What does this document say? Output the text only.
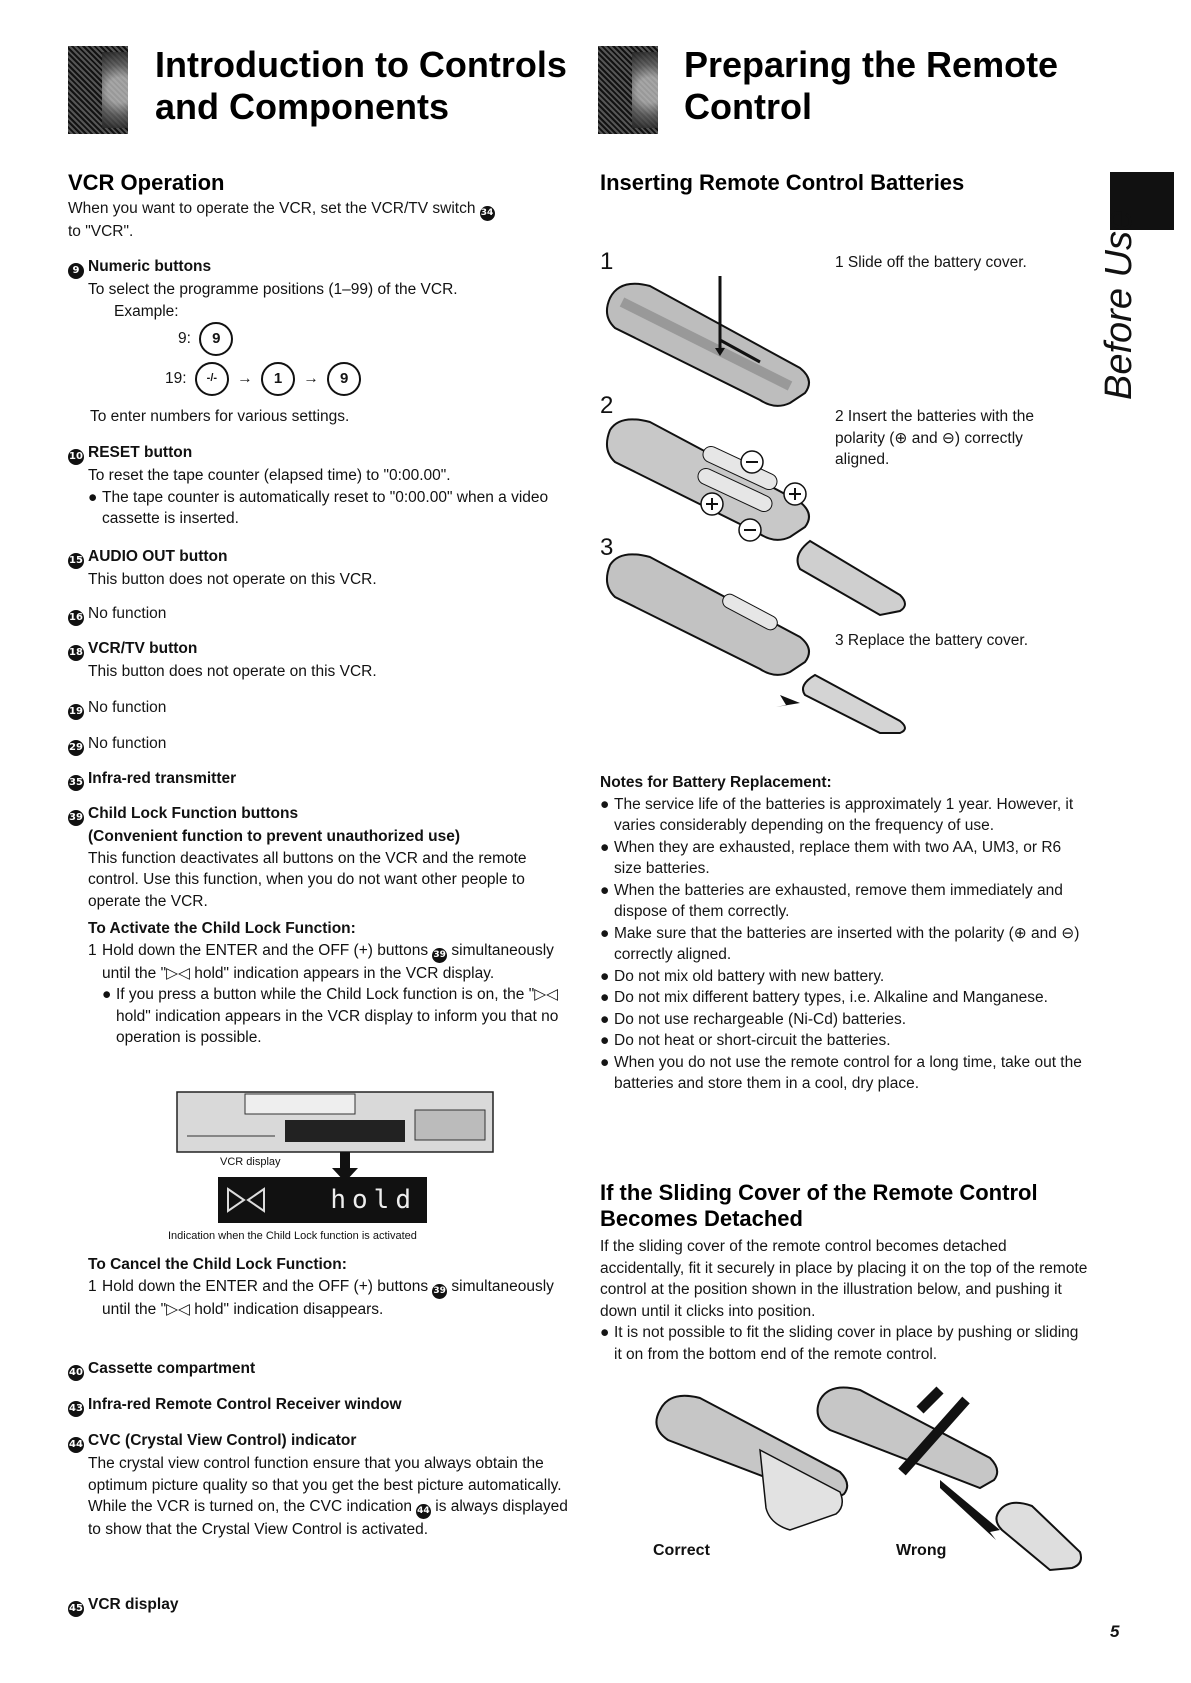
Introduction to Controls
and Components
Preparing the Remote
Control
Before Use
VCR Operation
When you want to operate the VCR, set the VCR/TV switch 34
to "VCR".
9 Numeric buttons
To select the programme positions (1–99) of the VCR.
Example:
9: 9
19: -/- → 1 → 9
To enter numbers for various settings.
10 RESET button
To reset the tape counter (elapsed time) to "0:00.00".
● The tape counter is automatically reset to "0:00.00" when a video cassette is inserted.
15 AUDIO OUT button
This button does not operate on this VCR.
16 No function
18 VCR/TV button
This button does not operate on this VCR.
19 No function
29 No function
35 Infra-red transmitter
39 Child Lock Function buttons
(Convenient function to prevent unauthorized use)
This function deactivates all buttons on the VCR and the remote control. Use this function, when you do not want other people to operate the VCR.
To Activate the Child Lock Function:
1 Hold down the ENTER and the OFF (+) buttons 39 simultaneously until the "▷◁ hold" indication appears in the VCR display.
● If you press a button while the Child Lock function is on, the "▷◁ hold" indication appears in the VCR display to inform you that no operation is possible.
VCR display
hold
Indication when the Child Lock function is activated
To Cancel the Child Lock Function:
1 Hold down the ENTER and the OFF (+) buttons 39 simultaneously until the "▷◁ hold" indication disappears.
40 Cassette compartment
43 Infra-red Remote Control Receiver window
44 CVC (Crystal View Control) indicator
The crystal view control function ensure that you always obtain the optimum picture quality so that you get the best picture automatically.
While the VCR is turned on, the CVC indication 44 is always displayed to show that the Crystal View Control is activated.
45 VCR display
Inserting Remote Control Batteries
1	1 Slide off the battery cover.
2	2 Insert the batteries with the polarity (⊕ and ⊖) correctly aligned.
3
3 Replace the battery cover.
Notes for Battery Replacement:
● The service life of the batteries is approximately 1 year. However, it varies considerably depending on the frequency of use.
● When they are exhausted, replace them with two AA, UM3, or R6 size batteries.
● When the batteries are exhausted, remove them immediately and dispose of them correctly.
● Make sure that the batteries are inserted with the polarity (⊕ and ⊖) correctly aligned.
● Do not mix old battery with new battery.
● Do not mix different battery types, i.e. Alkaline and Manganese.
● Do not use rechargeable (Ni-Cd) batteries.
● Do not heat or short-circuit the batteries.
● When you do not use the remote control for a long time, take out the batteries and store them in a cool, dry place.
If the Sliding Cover of the Remote Control
Becomes Detached
If the sliding cover of the remote control becomes detached accidentally, fit it securely in place by placing it on the top of the remote control at the position shown in the illustration below, and pushing it down until it clicks into position.
● It is not possible to fit the sliding cover in place by pushing or sliding it on from the bottom end of the remote control.
Correct	Wrong
5
